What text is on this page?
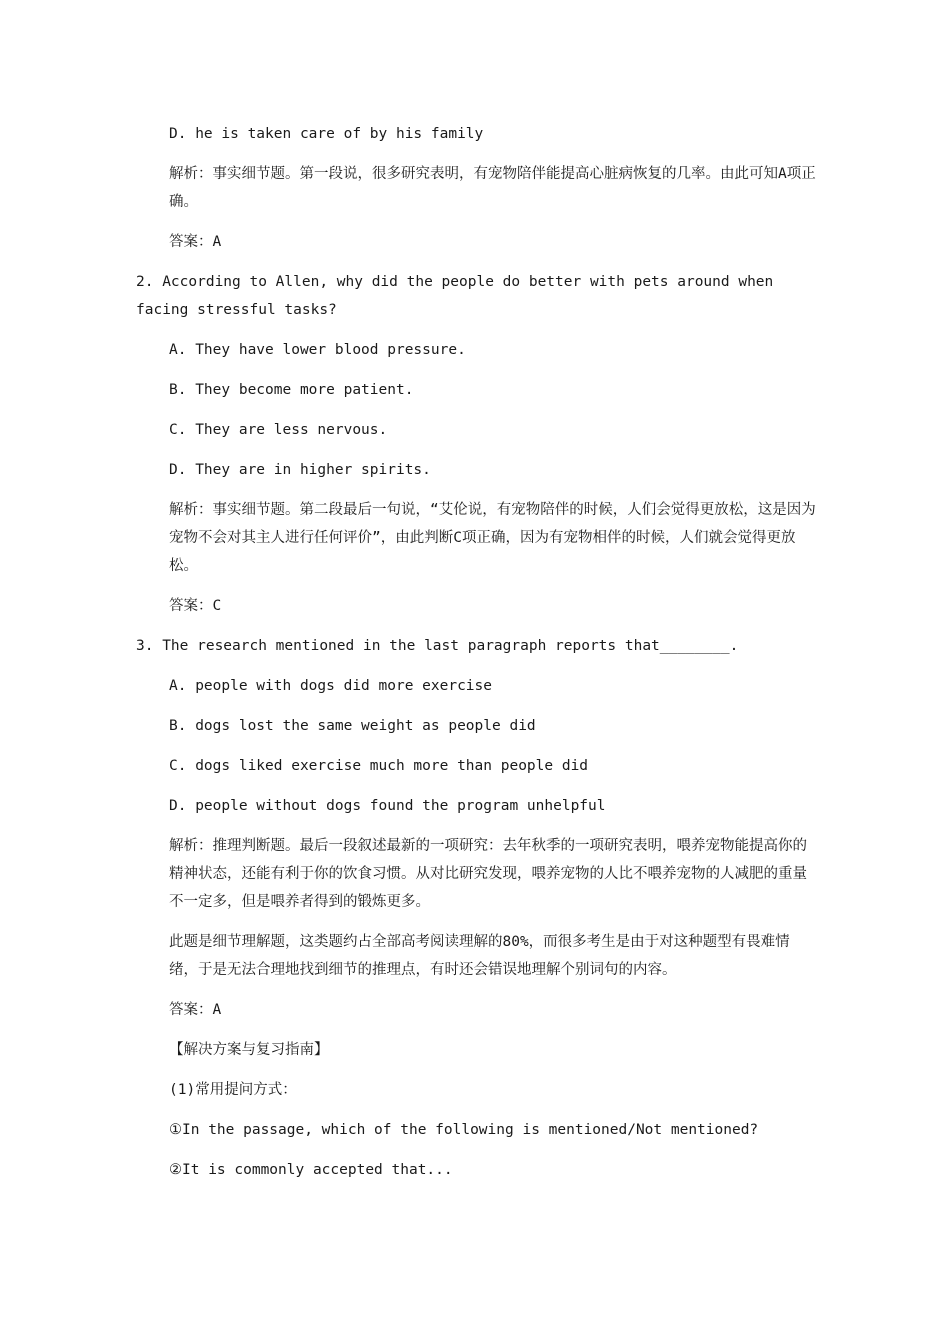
D. he is taken care of by his family

解析：事实细节题。第一段说，很多研究表明，有宠物陪伴能提高心脏病恢复的几率。由此可知A项正确。

答案：A

2. According to Allen, why did the people do better with pets around when facing stressful tasks?

A. They have lower blood pressure.

B. They become more patient.

C. They are less nervous.

D. They are in higher spirits.

解析：事实细节题。第二段最后一句说，“艾伦说，有宠物陪伴的时候，人们会觉得更放松，这是因为宠物不会对其主人进行任何评价”，由此判断C项正确，因为有宠物相伴的时候，人们就会觉得更放松。

答案：C

3. The research mentioned in the last paragraph reports that________.

A. people with dogs did more exercise

B. dogs lost the same weight as people did

C. dogs liked exercise much more than people did

D. people without dogs found the program unhelpful

解析：推理判断题。最后一段叙述最新的一项研究：去年秋季的一项研究表明，喂养宠物能提高你的精神状态，还能有利于你的饮食习惯。从对比研究发现，喂养宠物的人比不喂养宠物的人减肥的重量不一定多，但是喂养者得到的锻炼更多。

此题是细节理解题，这类题约占全部高考阅读理解的80%，而很多考生是由于对这种题型有畏难情绪，于是无法合理地找到细节的推理点，有时还会错误地理解个别词句的内容。

答案：A

【解决方案与复习指南】

(1)常用提问方式：

①In the passage, which of the following is mentioned/Not mentioned?

②It is commonly accepted that...
